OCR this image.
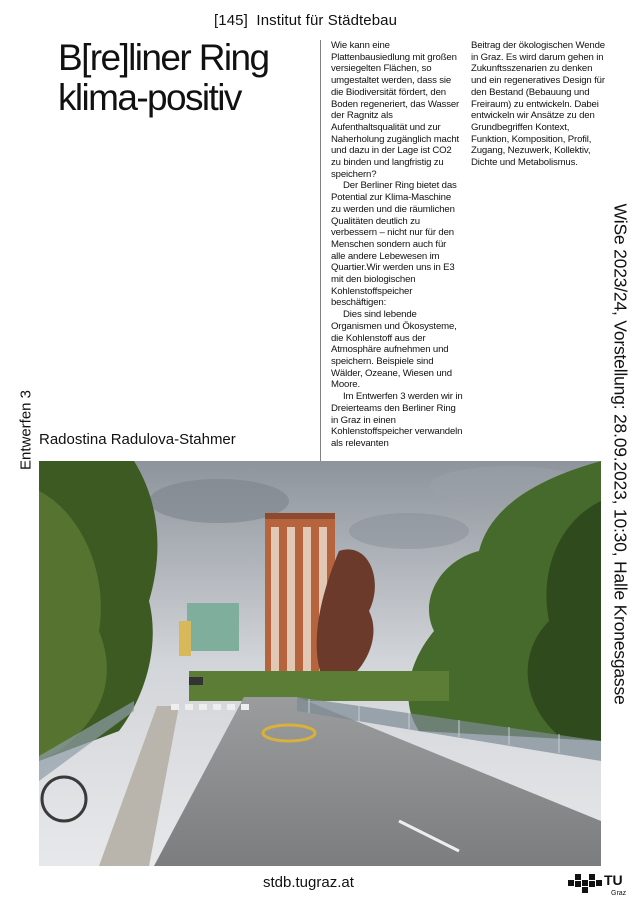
[145] Institut für Städtebau
B[re]liner Ring
klima-positiv

Wie kann eine Plattenbausiedlung mit großen versiegelten Flächen, so umgestaltet werden, dass sie die Biodiversität fördert, den Boden regeneriert, das Wasser der Ragnitz als Aufenthaltsqualität und zur Naherholung zugänglich macht und dazu in der Lage ist CO2 zu binden und langfristig zu speichern?

Der Berliner Ring bietet das Potential zur Klima-Maschine zu werden und die räumlichen Qualitäten deutlich zu verbessern – nicht nur für den Menschen sondern auch für alle andere Lebewesen im Quartier.Wir werden uns in E3 mit den biologischen Kohlenstoffspeicher beschäftigen:

Dies sind lebende Organismen und Ökosysteme, die Kohlenstoff aus der Atmosphäre aufnehmen und speichern. Beispiele sind Wälder, Ozeane, Wiesen und Moore.

Im Entwerfen 3 werden wir in Dreierteams den Berliner Ring in Graz in einen Kohlenstoffspeicher verwandeln als relevanten

Beitrag der ökologischen Wende in Graz. Es wird darum gehen in Zukunftsszenarien zu denken und ein regeneratives Design für den Bestand (Bebauung und Freiraum) zu entwickeln. Dabei entwickeln wir Ansätze zu den Grundbegriffen Kontext, Funktion, Komposition, Profil, Zugang, Nezuwerk, Kollektiv, Dichte und Metabolismus.

Radostina Radulova-Stahmer
Entwerfen 3	WiSe 2023/24, Vorstellung: 28.09.2023, 10:30, Halle Kronesgasse
stdb.tugraz.at	TU
Graz
